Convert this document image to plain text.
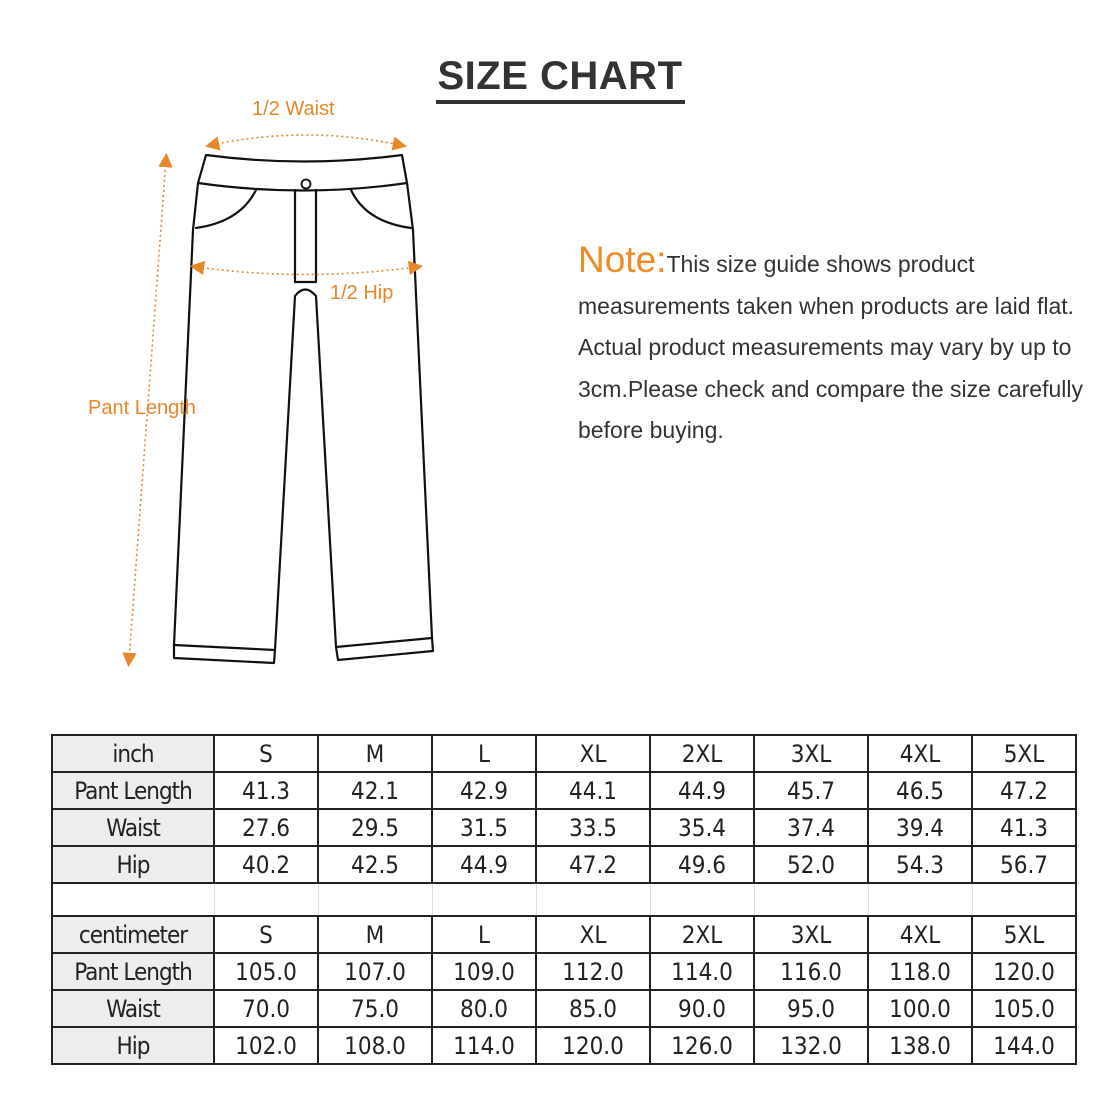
SIZE CHART
1/2 Waist
1/2 Hip
Pant Length
Note:This size guide shows product measurements taken when products are laid flat. Actual product measurements may vary by up to 3cm.Please check and compare the size carefully before buying.
inch	S	M	L	XL	2XL	3XL	4XL	5XL
Pant Length	41.3	42.1	42.9	44.1	44.9	45.7	46.5	47.2
Waist	27.6	29.5	31.5	33.5	35.4	37.4	39.4	41.3
Hip	40.2	42.5	44.9	47.2	49.6	52.0	54.3	56.7

centimeter	S	M	L	XL	2XL	3XL	4XL	5XL
Pant Length	105.0	107.0	109.0	112.0	114.0	116.0	118.0	120.0
Waist	70.0	75.0	80.0	85.0	90.0	95.0	100.0	105.0
Hip	102.0	108.0	114.0	120.0	126.0	132.0	138.0	144.0
